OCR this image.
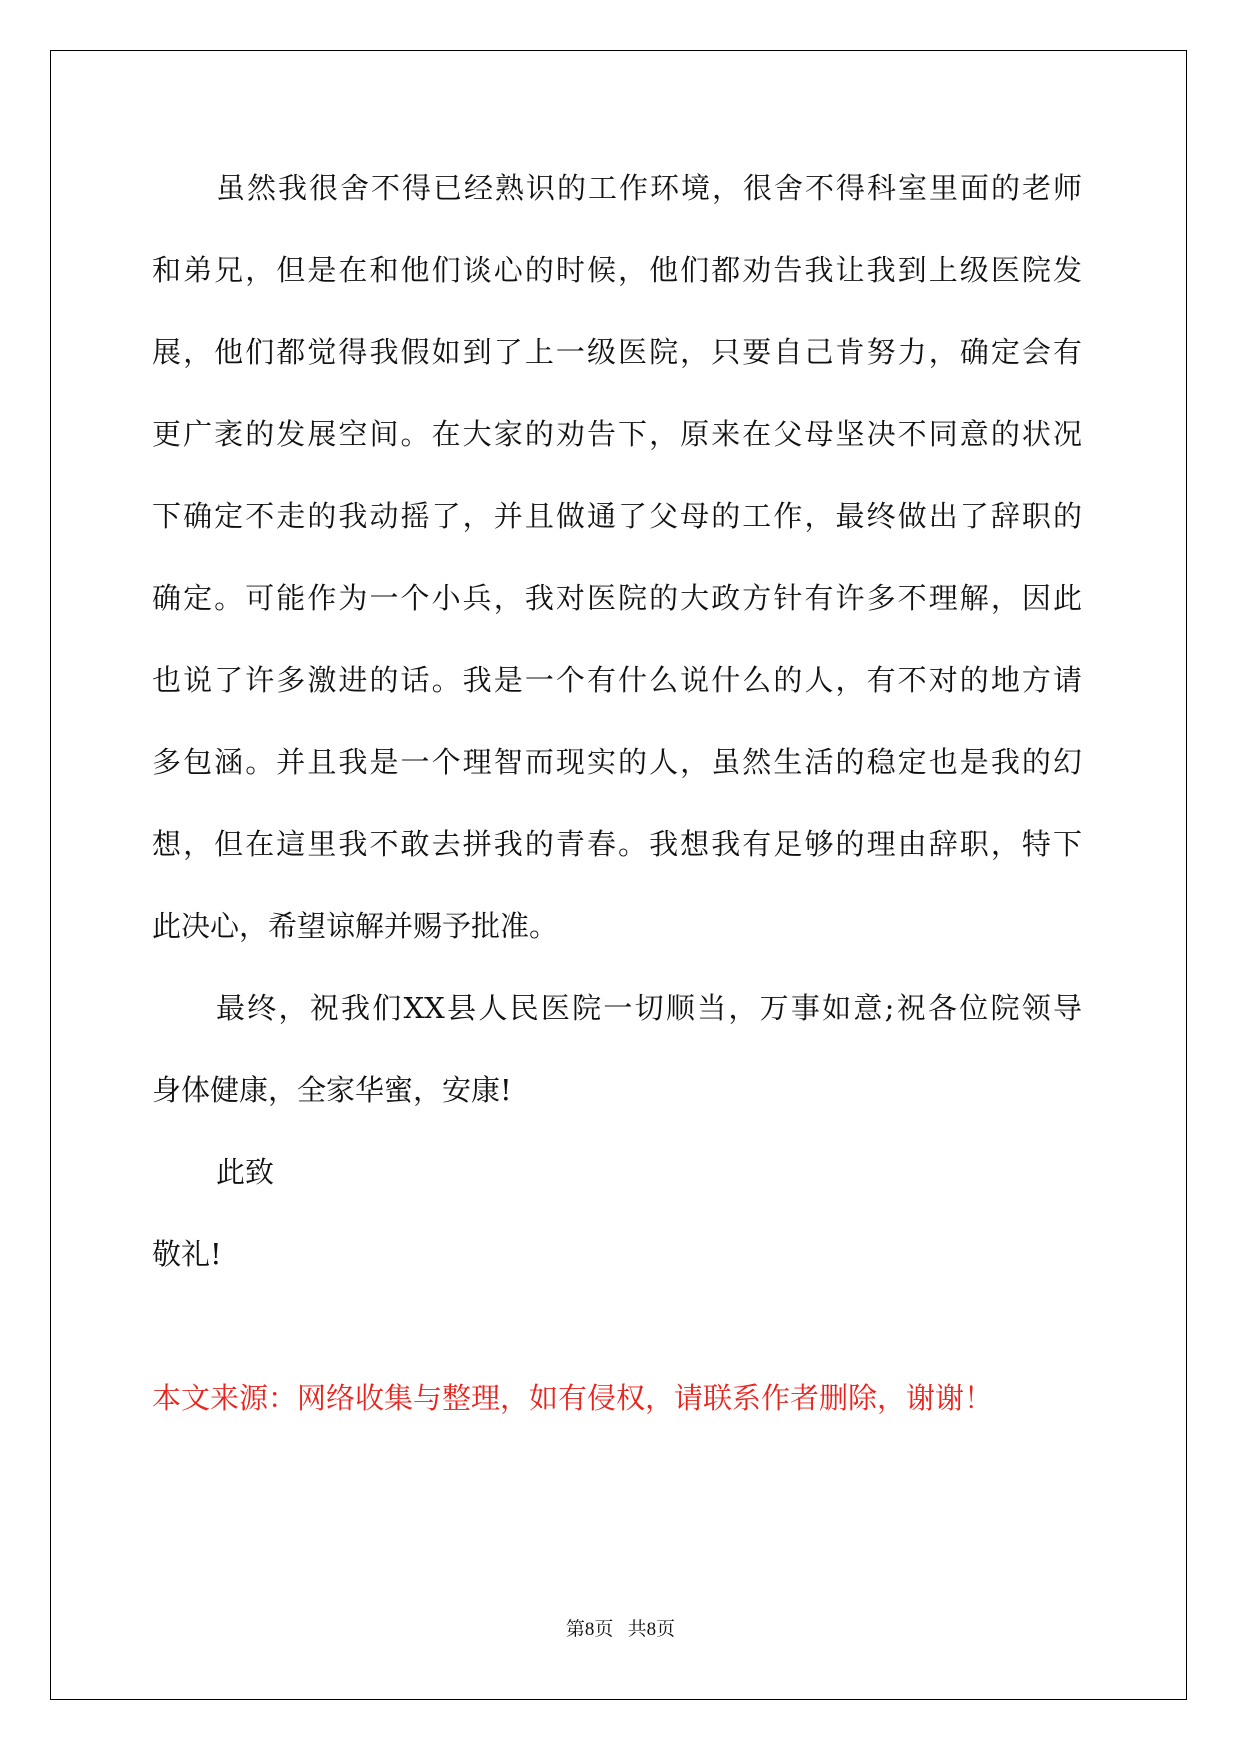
虽然我很舍不得已经熟识的工作环境，很舍不得科室里面的老师

和弟兄，但是在和他们谈心的时候，他们都劝告我让我到上级医院发

展，他们都觉得我假如到了上一级医院，只要自己肯努力，确定会有

更广袤的发展空间。在大家的劝告下，原来在父母坚决不同意的状况

下确定不走的我动摇了，并且做通了父母的工作，最终做出了辞职的

确定。可能作为一个小兵，我对医院的大政方针有许多不理解，因此

也说了许多激进的话。我是一个有什么说什么的人，有不对的地方请

多包涵。并且我是一个理智而现实的人，虽然生活的稳定也是我的幻

想，但在這里我不敢去拼我的青春。我想我有足够的理由辞职，特下

此决心，希望谅解并赐予批准。

最终，祝我们XX县人民医院一切顺当，万事如意;祝各位院领导

身体健康，全家华蜜，安康!

此致

敬礼!

本文来源：网络收集与整理，如有侵权，请联系作者删除，谢谢！
第8页   共8页
